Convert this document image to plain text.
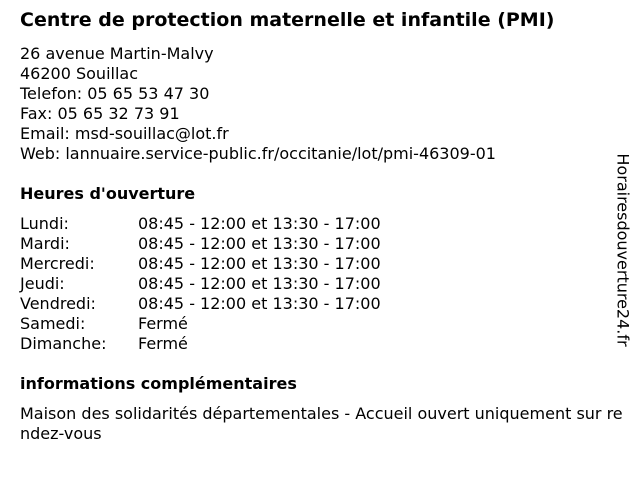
Centre de protection maternelle et infantile (PMI)
26 avenue Martin-Malvy
46200 Souillac
Telefon: 05 65 53 47 30
Fax: 05 65 32 73 91
Email: msd-souillac@lot.fr
Web: lannuaire.service-public.fr/occitanie/lot/pmi-46309-01
Heures d'ouverture
Lundi:	08:45 - 12:00 et 13:30 - 17:00
Mardi:	08:45 - 12:00 et 13:30 - 17:00
Mercredi:	08:45 - 12:00 et 13:30 - 17:00
Jeudi:	08:45 - 12:00 et 13:30 - 17:00
Vendredi:	08:45 - 12:00 et 13:30 - 17:00
Samedi:	Fermé
Dimanche: Fermé
informations complémentaires
Maison des solidarités départementales - Accueil ouvert uniquement sur rendez-vous
Horairesdouverture24.fr
